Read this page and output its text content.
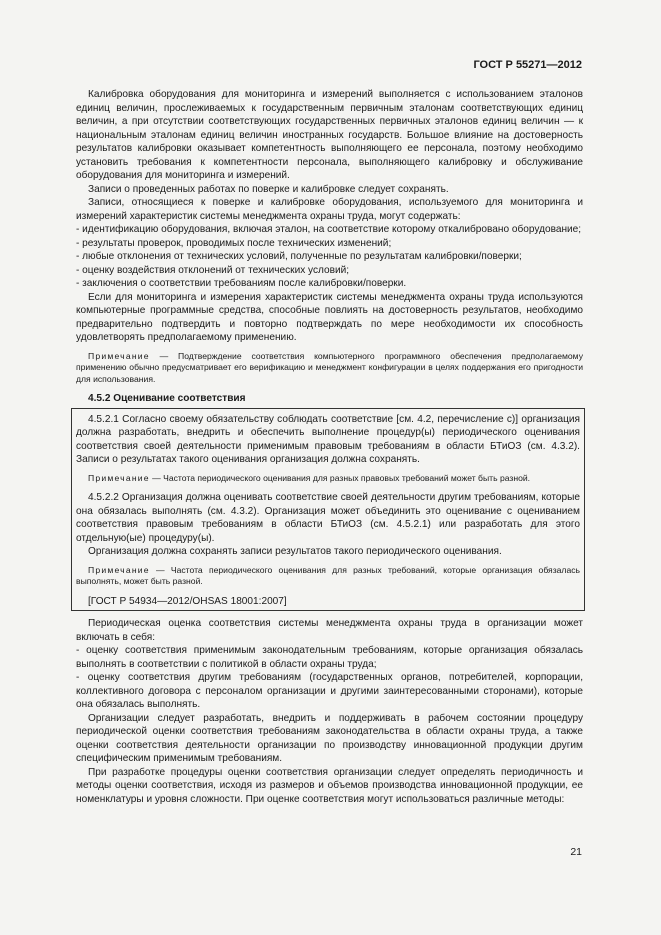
ГОСТ Р 55271—2012

Калибровка оборудования для мониторинга и измерений выполняется с использованием эталонов единиц величин, прослеживаемых к государственным первичным эталонам соответствующих единиц величин, а при отсутствии соответствующих государственных первичных эталонов единиц величин — к национальным эталонам единиц величин иностранных государств. Большое влияние на достоверность результатов калибровки оказывает компетентность выполняющего ее персонала, поэтому необходимо установить требования к компетентности персонала, выполняющего калибровку и обслуживание оборудования для мониторинга и измерений.

Записи о проведенных работах по поверке и калибровке следует сохранять.

Записи, относящиеся к поверке и калибровке оборудования, используемого для мониторинга и измерений характеристик системы менеджмента охраны труда, могут содержать:

- идентификацию оборудования, включая эталон, на соответствие которому откалибровано оборудование;

- результаты проверок, проводимых после технических изменений;

- любые отклонения от технических условий, полученные по результатам калибровки/поверки;

- оценку воздействия отклонений от технических условий;

- заключения о соответствии требованиям после калибровки/поверки.

Если для мониторинга и измерения характеристик системы менеджмента охраны труда используются компьютерные программные средства, способные повлиять на достоверность результатов, необходимо предварительно подтвердить и повторно подтверждать по мере необходимости их способность удовлетворять предполагаемому применению.

Примечание — Подтверждение соответствия компьютерного программного обеспечения предполагаемому применению обычно предусматривает его верификацию и менеджмент конфигурации в целях поддержания его пригодности для использования.

4.5.2 Оценивание соответствия

4.5.2.1 Согласно своему обязательству соблюдать соответствие [см. 4.2, перечисление с)] организация должна разработать, внедрить и обеспечить выполнение процедур(ы) периодического оценивания соответствия своей деятельности применимым правовым требованиям в области БТиОЗ (см. 4.3.2). Записи о результатах такого оценивания организация должна сохранять.

Примечание — Частота периодического оценивания для разных правовых требований может быть разной.

4.5.2.2 Организация должна оценивать соответствие своей деятельности другим требованиям, которые она обязалась выполнять (см. 4.3.2). Организация может объединить это оценивание с оцениванием соответствия правовым требованиям в области БТиОЗ (см. 4.5.2.1) или разработать для этого отдельную(ые) процедуру(ы).

Организация должна сохранять записи результатов такого периодического оценивания.

Примечание — Частота периодического оценивания для разных требований, которые организация обязалась выполнять, может быть разной.

[ГОСТ Р 54934—2012/OHSAS 18001:2007]

Периодическая оценка соответствия системы менеджмента охраны труда в организации может включать в себя:

- оценку соответствия применимым законодательным требованиям, которые организация обязалась выполнять в соответствии с политикой в области охраны труда;

- оценку соответствия другим требованиям (государственных органов, потребителей, корпорации, коллективного договора с персоналом организации и другими заинтересованными сторонами), которые она обязалась выполнять.

Организации следует разработать, внедрить и поддерживать в рабочем состоянии процедуру периодической оценки соответствия требованиям законодательства в области охраны труда, а также оценки соответствия деятельности организации по производству инновационной продукции другим специфическим применимым требованиям.

При разработке процедуры оценки соответствия организации следует определять периодичность и методы оценки соответствия, исходя из размеров и объемов производства инновационной продукции, ее номенклатуры и уровня сложности. При оценке соответствия могут использоваться различные методы:

21
